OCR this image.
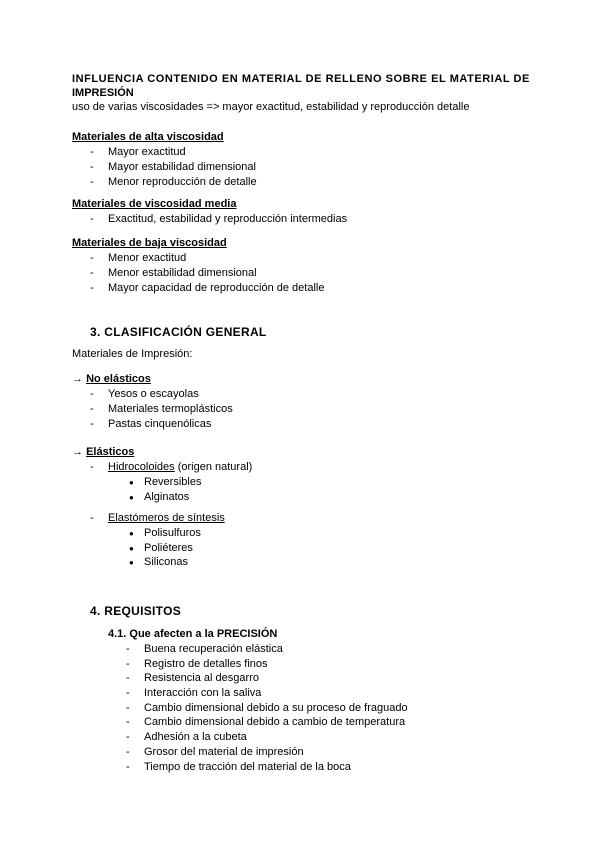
INFLUENCIA CONTENIDO EN MATERIAL DE RELLENO SOBRE EL MATERIAL DE
IMPRESIÓN
uso de varias viscosidades => mayor exactitud, estabilidad y reproducción detalle
Materiales de alta viscosidad
- Mayor exactitud
- Mayor estabilidad dimensional
- Menor reproducción de detalle
Materiales de viscosidad media
- Exactitud, estabilidad y reproducción intermedias
Materiales de baja viscosidad
- Menor exactitud
- Menor estabilidad dimensional
- Mayor capacidad de reproducción de detalle
3. CLASIFICACIÓN GENERAL
Materiales de Impresión:
→ No elásticos
- Yesos o escayolas
- Materiales termoplásticos
- Pastas cinquenólicas
→ Elásticos
- Hidrocoloides (origen natural)
● Reversibles
● Alginatos
- Elastómeros de síntesis
● Polisulfuros
● Poliéteres
● Siliconas
4. REQUISITOS
4.1. Que afecten a la PRECISIÓN
- Buena recuperación elástica
- Registro de detalles finos
- Resistencia al desgarro
- Interacción con la saliva
- Cambio dimensional debido a su proceso de fraguado
- Cambio dimensional debido a cambio de temperatura
- Adhesión a la cubeta
- Grosor del material de impresión
- Tiempo de tracción del material de la boca
